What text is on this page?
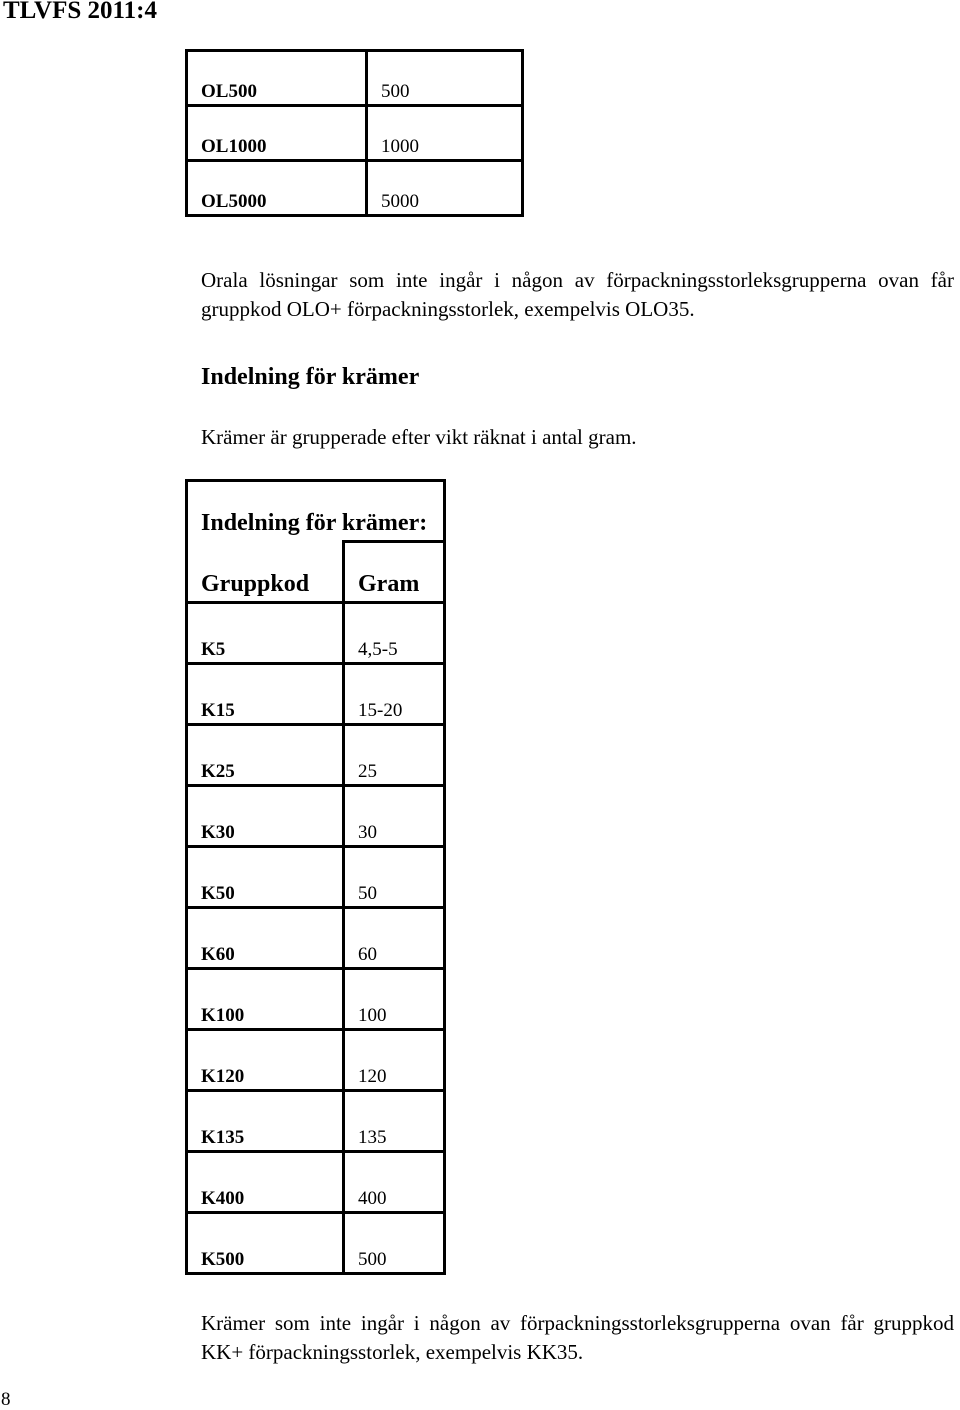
TLVFS 2011:4
OL500	500

OL1000	1000

OL5000	5000
Orala lösningar som inte ingår i någon av förpackningsstorleksgrupperna ovan får gruppkod OLO+ förpackningsstorlek, exempelvis OLO35.
Indelning för krämer
Krämer är grupperade efter vikt räknat i antal gram.
Indelning för krämer:	

Gruppkod	Gram

K5	4,5-5

K15	15-20

K25	25

K30	30

K50	50

K60	60

K100	100

K120	120

K135	135

K400	400

K500	500
Krämer som inte ingår i någon av förpackningsstorleksgrupperna ovan får gruppkod KK+ förpackningsstorlek, exempelvis KK35.
8
